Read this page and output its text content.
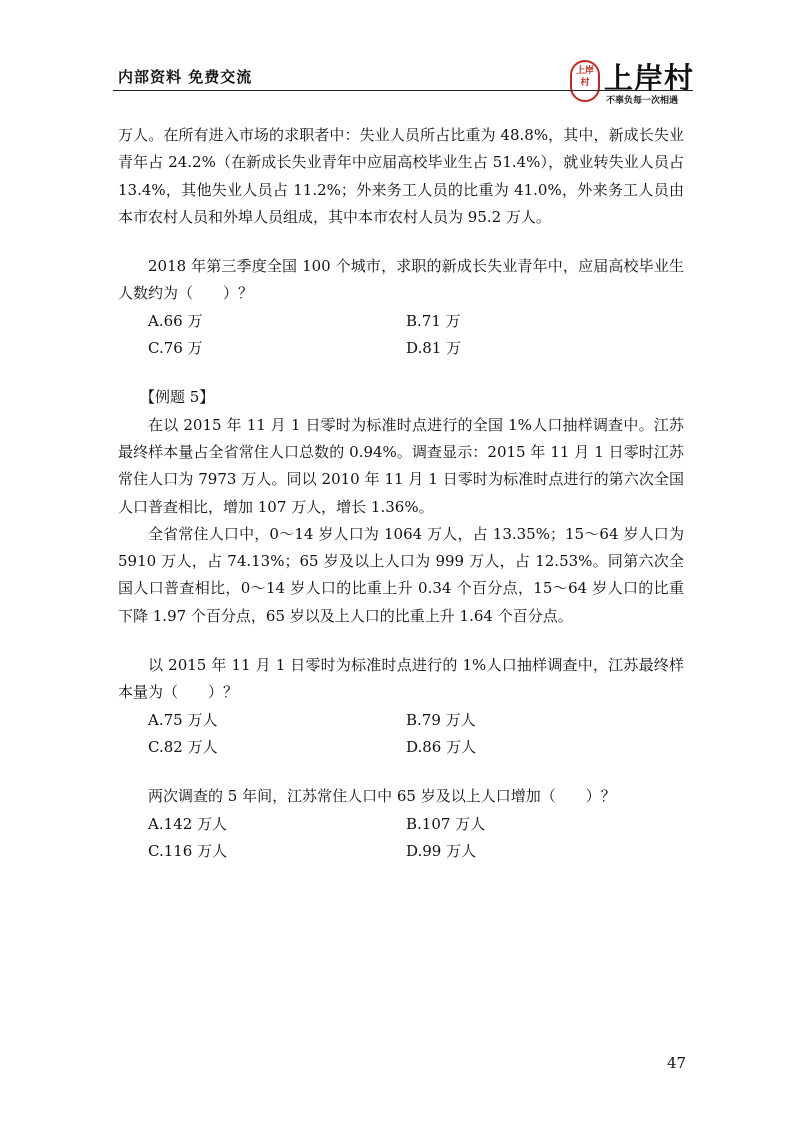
内部资料 免费交流	上岸村 上岸村
不辜负每一次相遇

万人。在所有进入市场的求职者中：失业人员所占比重为 48.8%，其中，新成长失业青年占 24.2%（在新成长失业青年中应届高校毕业生占 51.4%），就业转失业人员占 13.4%，其他失业人员占 11.2%；外来务工人员的比重为 41.0%，外来务工人员由本市农村人员和外埠人员组成，其中本市农村人员为 95.2 万人。

2018 年第三季度全国 100 个城市，求职的新成长失业青年中，应届高校毕业生人数约为（　　）？

A.66 万	B.71 万
C.76 万	D.81 万

【例题 5】

在以 2015 年 11 月 1 日零时为标准时点进行的全国 1%人口抽样调查中。江苏最终样本量占全省常住人口总数的 0.94%。调查显示：2015 年 11 月 1 日零时江苏常住人口为 7973 万人。同以 2010 年 11 月 1 日零时为标准时点进行的第六次全国人口普查相比，增加 107 万人，增长 1.36%。

全省常住人口中，0～14 岁人口为 1064 万人，占 13.35%；15～64 岁人口为 5910 万人，占 74.13%；65 岁及以上人口为 999 万人，占 12.53%。同第六次全国人口普查相比，0～14 岁人口的比重上升 0.34 个百分点，15～64 岁人口的比重下降 1.97 个百分点，65 岁以及上人口的比重上升 1.64 个百分点。

以 2015 年 11 月 1 日零时为标准时点进行的 1%人口抽样调查中，江苏最终样本量为（　　）？

A.75 万人	B.79 万人
C.82 万人	D.86 万人

两次调查的 5 年间，江苏常住人口中 65 岁及以上人口增加（　　）？

A.142 万人	B.107 万人
C.116 万人	D.99 万人
47
